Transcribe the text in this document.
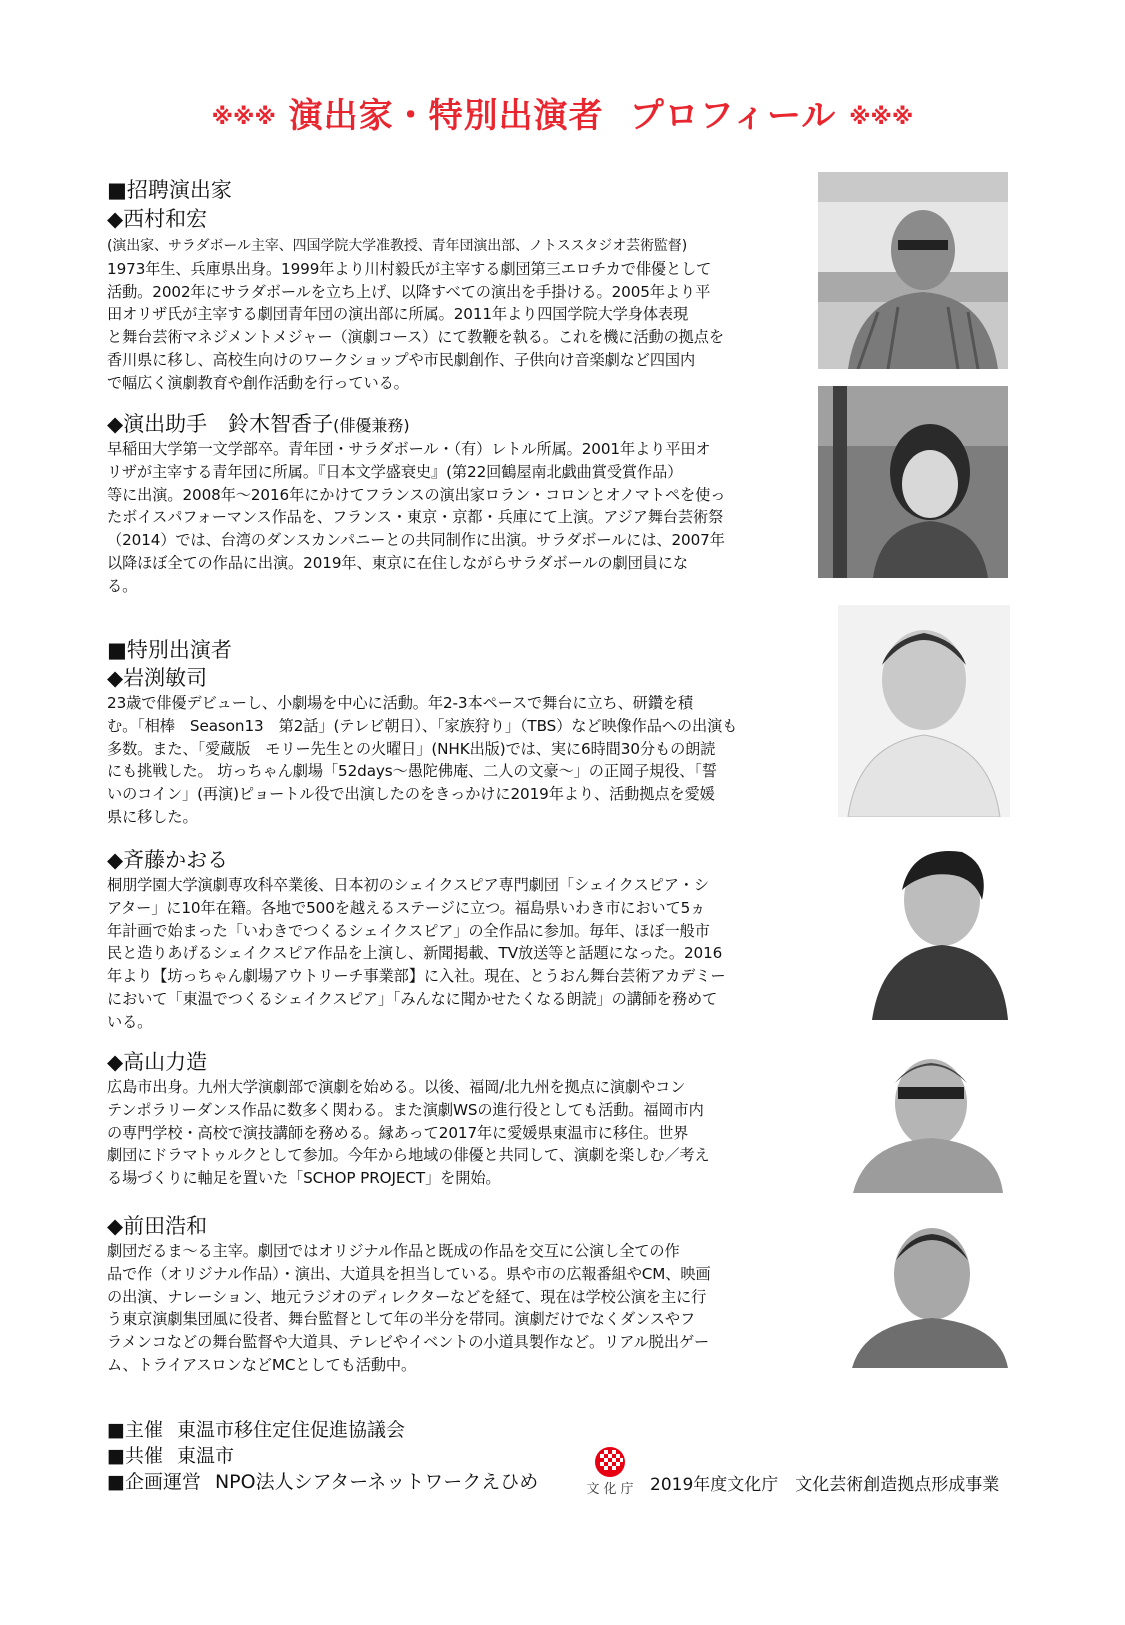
※※※ 演出家・特別出演者 プロフィール ※※※
■招聘演出家
◆西村和宏
(演出家、サラダボール主宰、四国学院大学准教授、青年団演出部、ノトススタジオ芸術監督)
1973年生、兵庫県出身。1999年より川村毅氏が主宰する劇団第三エロチカで俳優として
活動。2002年にサラダボールを立ち上げ、以降すべての演出を手掛ける。2005年より平
田オリザ氏が主宰する劇団青年団の演出部に所属。2011年より四国学院大学身体表現
と舞台芸術マネジメントメジャー（演劇コース）にて教鞭を執る。これを機に活動の拠点を
香川県に移し、高校生向けのワークショップや市民劇創作、子供向け音楽劇など四国内
で幅広く演劇教育や創作活動を行っている。
◆演出助手　鈴木智香子(俳優兼務)
早稲田大学第一文学部卒。青年団・サラダボール・（有）レトル所属。2001年より平田オ
リザが主宰する青年団に所属。『日本文学盛衰史』(第22回鶴屋南北戯曲賞受賞作品）
等に出演。2008年～2016年にかけてフランスの演出家ロラン・コロンとオノマトペを使っ
たボイスパフォーマンス作品を、フランス・東京・京都・兵庫にて上演。アジア舞台芸術祭
（2014）では、台湾のダンスカンパニーとの共同制作に出演。サラダボールには、2007年
以降ほぼ全ての作品に出演。2019年、東京に在住しながらサラダボールの劇団員にな
る。
■特別出演者
◆岩渕敏司
23歳で俳優デビューし、小劇場を中心に活動。年2-3本ペースで舞台に立ち、研鑽を積
む。「相棒　Season13　第2話」(テレビ朝日）、「家族狩り」（TBS）など映像作品への出演も
多数。また、「愛蔵版　モリー先生との火曜日」(NHK出版)では、実に6時間30分もの朗読
にも挑戦した。 坊っちゃん劇場「52days～愚陀佛庵、二人の文豪～」の正岡子規役、「誓
いのコイン」(再演)ピョートル役で出演したのをきっかけに2019年より、活動拠点を愛媛
県に移した。
◆斉藤かおる
桐朋学園大学演劇専攻科卒業後、日本初のシェイクスピア専門劇団「シェイクスピア・シ
アター」に10年在籍。各地で500を越えるステージに立つ。福島県いわき市において5ヵ
年計画で始まった「いわきでつくるシェイクスピア」の全作品に参加。毎年、ほぼ一般市
民と造りあげるシェイクスピア作品を上演し、新聞掲載、TV放送等と話題になった。2016
年より【坊っちゃん劇場アウトリーチ事業部】に入社。現在、とうおん舞台芸術アカデミー
において「東温でつくるシェイクスピア」「みんなに聞かせたくなる朗読」の講師を務めて
いる。
◆高山力造
広島市出身。九州大学演劇部で演劇を始める。以後、福岡/北九州を拠点に演劇やコン
テンポラリーダンス作品に数多く関わる。また演劇WSの進行役としても活動。福岡市内
の専門学校・高校で演技講師を務める。縁あって2017年に愛媛県東温市に移住。世界
劇団にドラマトゥルクとして参加。今年から地域の俳優と共同して、演劇を楽しむ／考え
る場づくりに軸足を置いた「SCHOP PROJECT」を開始。
◆前田浩和
劇団だるま～る主宰。劇団ではオリジナル作品と既成の作品を交互に公演し全ての作
品で作（オリジナル作品）・演出、大道具を担当している。県や市の広報番組やCM、映画
の出演、ナレーション、地元ラジオのディレクターなどを経て、現在は学校公演を主に行
う東京演劇集団風に役者、舞台監督として年の半分を帯同。演劇だけでなくダンスやフ
ラメンコなどの舞台監督や大道具、テレビやイベントの小道具製作など。リアル脱出ゲー
ム、トライアスロンなどMCとしても活動中。
■主催 東温市移住定住促進協議会
■共催 東温市
■企画運営 NPO法人シアターネットワークえひめ	文化庁 2019年度文化庁　文化芸術創造拠点形成事業
